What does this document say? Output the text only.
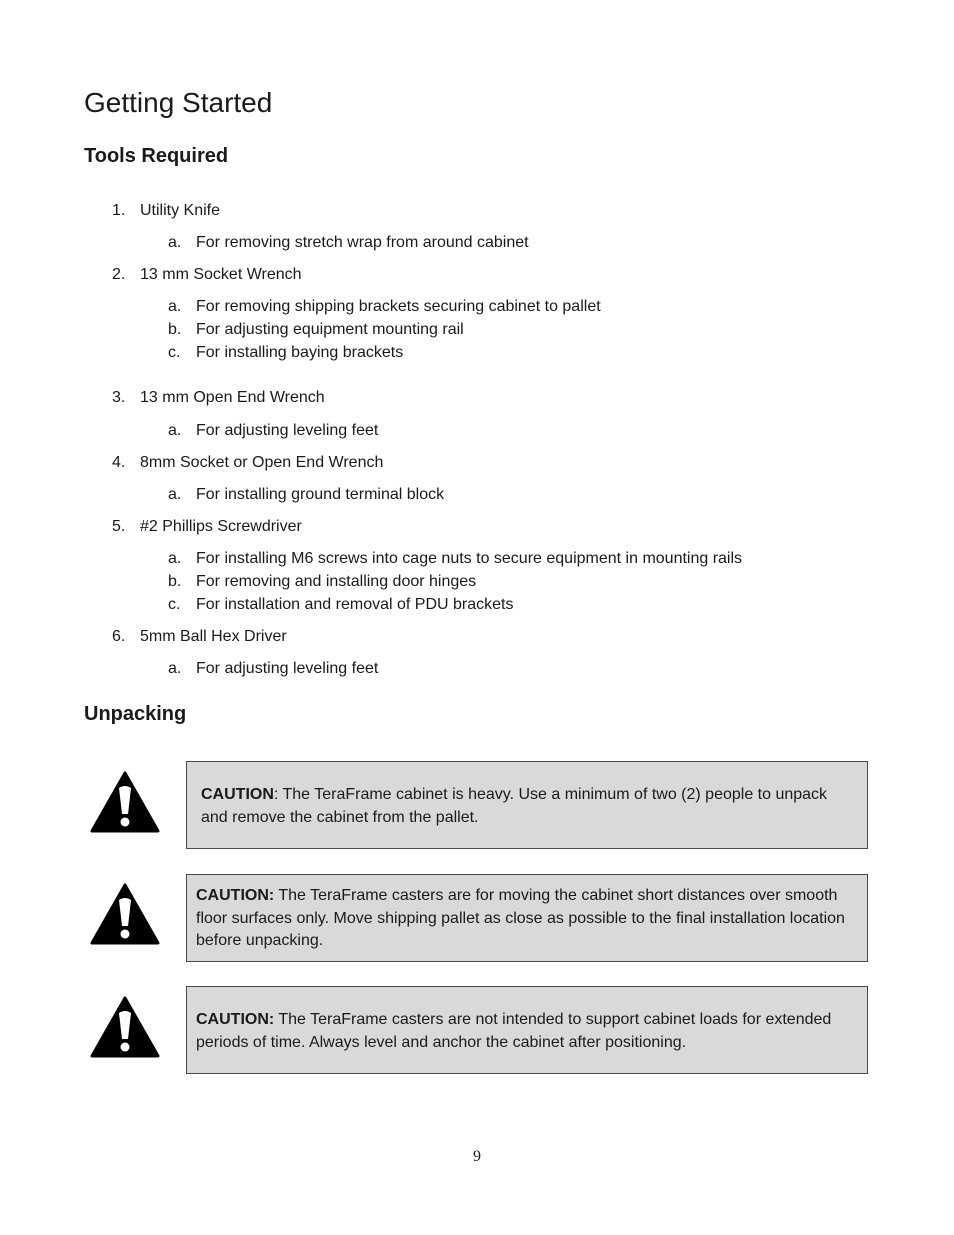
Getting Started
Tools Required
1. Utility Knife
a. For removing stretch wrap from around cabinet
2. 13 mm Socket Wrench
a. For removing shipping brackets securing cabinet to pallet
b. For adjusting equipment mounting rail
c. For installing baying brackets
3. 13 mm Open End Wrench
a. For adjusting leveling feet
4. 8mm Socket or Open End Wrench
a. For installing ground terminal block
5. #2 Phillips Screwdriver
a. For installing M6 screws into cage nuts to secure equipment in mounting rails
b. For removing and installing door hinges
c. For installation and removal of PDU brackets
6. 5mm Ball Hex Driver
a. For adjusting leveling feet
Unpacking

CAUTION: The TeraFrame cabinet is heavy. Use a minimum of two (2) people to unpack and remove the cabinet from the pallet.

CAUTION: The TeraFrame casters are for moving the cabinet short distances over smooth floor surfaces only. Move shipping pallet as close as possible to the final installation location before unpacking.

CAUTION: The TeraFrame casters are not intended to support cabinet loads for extended periods of time. Always level and anchor the cabinet after positioning.

9
